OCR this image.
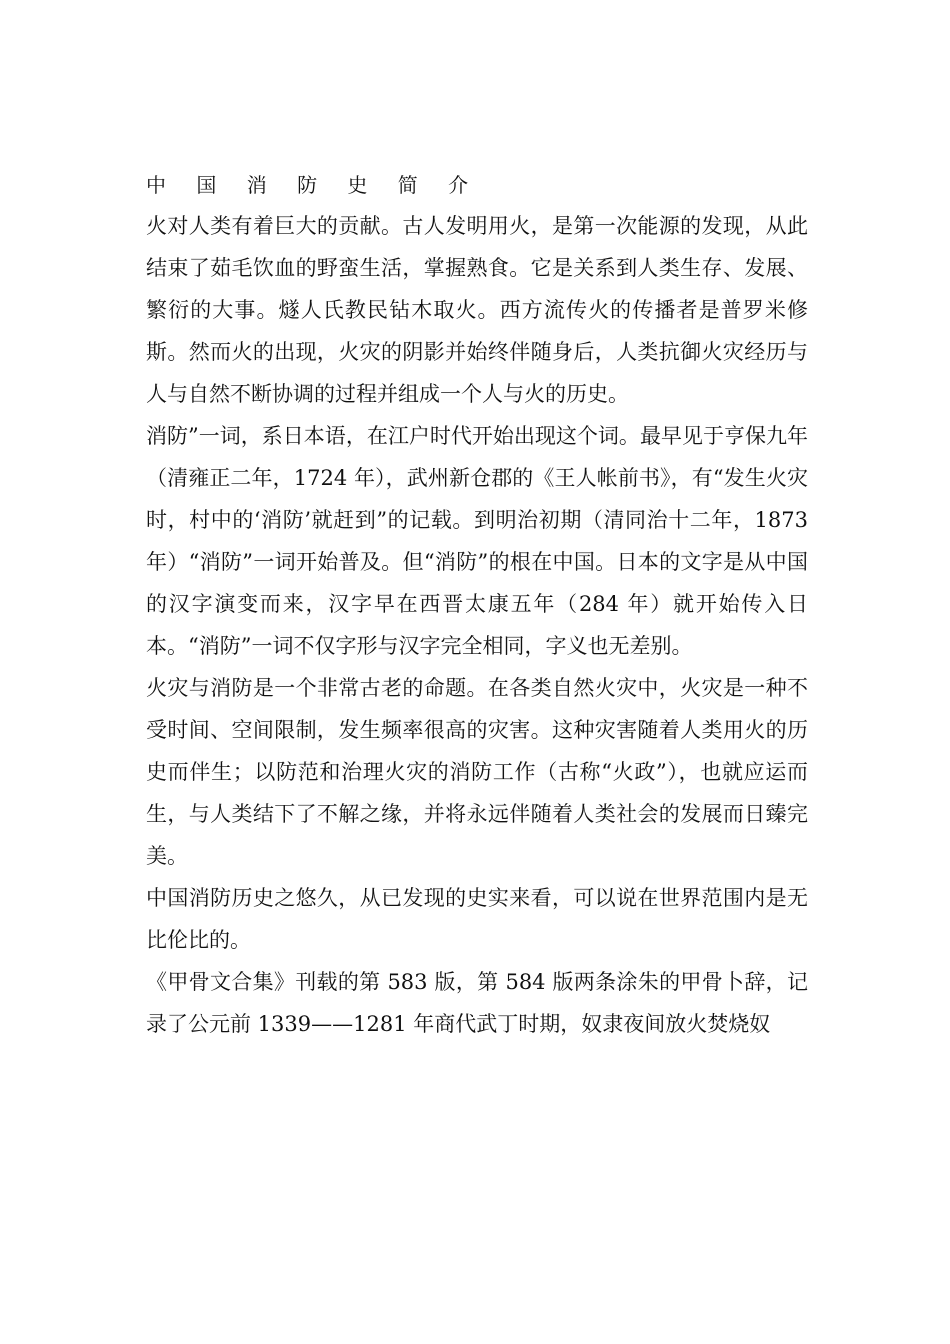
中 国 消 防 史 简 介

火对人类有着巨大的贡献。古人发明用火，是第一次能源的发现，从此结束了茹毛饮血的野蛮生活，掌握熟食。它是关系到人类生存、发展、繁衍的大事。燧人氏教民钻木取火。西方流传火的传播者是普罗米修斯。然而火的出现，火灾的阴影并始终伴随身后，人类抗御火灾经历与人与自然不断协调的过程并组成一个人与火的历史。

消防”一词，系日本语，在江户时代开始出现这个词。最早见于亨保九年（清雍正二年，1724 年），武州新仓郡的《王人帐前书》，有“发生火灾时，村中的‘消防’就赶到”的记载。到明治初期（清同治十二年，1873 年）“消防”一词开始普及。但“消防”的根在中国。日本的文字是从中国的汉字演变而来，汉字早在西晋太康五年（284 年）就开始传入日本。“消防”一词不仅字形与汉字完全相同，字义也无差别。

火灾与消防是一个非常古老的命题。在各类自然火灾中，火灾是一种不受时间、空间限制，发生频率很高的灾害。这种灾害随着人类用火的历史而伴生；以防范和治理火灾的消防工作（古称“火政”），也就应运而生，与人类结下了不解之缘，并将永远伴随着人类社会的发展而日臻完美。

中国消防历史之悠久，从已发现的史实来看，可以说在世界范围内是无比伦比的。

《甲骨文合集》刊载的第 583 版，第 584 版两条涂朱的甲骨卜辞，记录了公元前 1339——1281 年商代武丁时期，奴隶夜间放火焚烧奴
